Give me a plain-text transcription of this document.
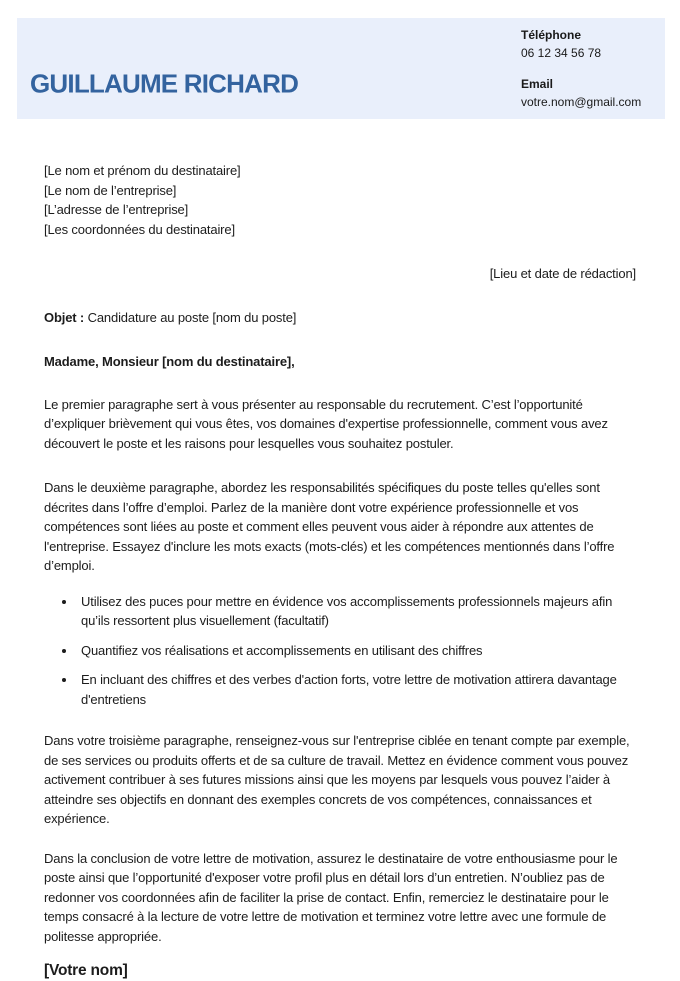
GUILLAUME RICHARD
Téléphone
06 12 34 56 78
Email
votre.nom@gmail.com
[Le nom et prénom du destinataire]
[Le nom de l’entreprise]
[L’adresse de l’entreprise]
[Les coordonnées du destinataire]
[Lieu et date de rédaction]
Objet : Candidature au poste [nom du poste]
Madame, Monsieur [nom du destinataire],

Le premier paragraphe sert à vous présenter au responsable du recrutement. C’est l’opportunité d’expliquer brièvement qui vous êtes, vos domaines d'expertise professionnelle, comment vous avez découvert le poste et les raisons pour lesquelles vous souhaitez postuler.

Dans le deuxième paragraphe, abordez les responsabilités spécifiques du poste telles qu'elles sont décrites dans l’offre d’emploi. Parlez de la manière dont votre expérience professionnelle et vos compétences sont liées au poste et comment elles peuvent vous aider à répondre aux attentes de l'entreprise. Essayez d'inclure les mots exacts (mots-clés) et les compétences mentionnés dans l’offre d’emploi.

• Utilisez des puces pour mettre en évidence vos accomplissements professionnels majeurs afin qu’ils ressortent plus visuellement (facultatif)
• Quantifiez vos réalisations et accomplissements en utilisant des chiffres
• En incluant des chiffres et des verbes d'action forts, votre lettre de motivation attirera davantage d'entretiens

Dans votre troisième paragraphe, renseignez-vous sur l'entreprise ciblée en tenant compte par exemple, de ses services ou produits offerts et de sa culture de travail. Mettez en évidence comment vous pouvez activement contribuer à ses futures missions ainsi que les moyens par lesquels vous pouvez l’aider à atteindre ses objectifs en donnant des exemples concrets de vos compétences, connaissances et expérience.

Dans la conclusion de votre lettre de motivation, assurez le destinataire de votre enthousiasme pour le poste ainsi que l’opportunité d'exposer votre profil plus en détail lors d’un entretien. N’oubliez pas de redonner vos coordonnées afin de faciliter la prise de contact. Enfin, remerciez le destinataire pour le temps consacré à la lecture de votre lettre de motivation et terminez votre lettre avec une formule de politesse appropriée.

[Votre nom]
